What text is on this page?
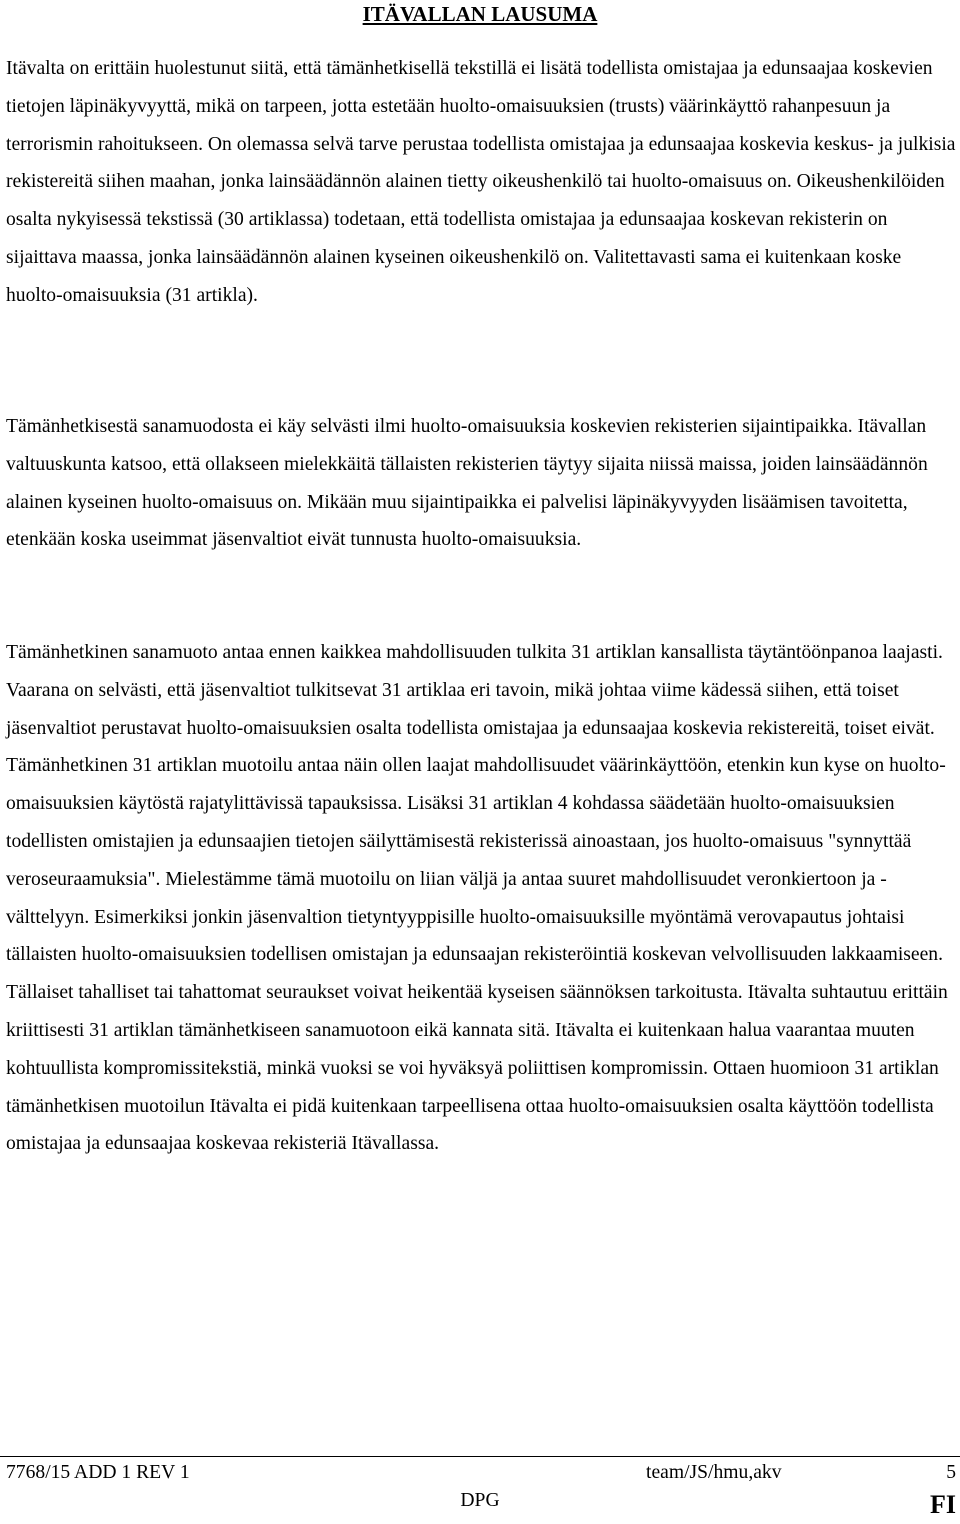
ITÄVALLAN LAUSUMA

Itävalta on erittäin huolestunut siitä, että tämänhetkisellä tekstillä ei lisätä todellista omistajaa ja edunsaajaa koskevien tietojen läpinäkyvyyttä, mikä on tarpeen, jotta estetään huolto-omaisuuksien (trusts) väärinkäyttö rahanpesuun ja terrorismin rahoitukseen. On olemassa selvä tarve perustaa todellista omistajaa ja edunsaajaa koskevia keskus- ja julkisia rekistereitä siihen maahan, jonka lainsäädännön alainen tietty oikeushenkilö tai huolto-omaisuus on. Oikeushenkilöiden osalta nykyisessä tekstissä (30 artiklassa) todetaan, että todellista omistajaa ja edunsaajaa koskevan rekisterin on sijaittava maassa, jonka lainsäädännön alainen kyseinen oikeushenkilö on. Valitettavasti sama ei kuitenkaan koske huolto-omaisuuksia (31 artikla).

Tämänhetkisestä sanamuodosta ei käy selvästi ilmi huolto-omaisuuksia koskevien rekisterien sijaintipaikka. Itävallan valtuuskunta katsoo, että ollakseen mielekkäitä tällaisten rekisterien täytyy sijaita niissä maissa, joiden lainsäädännön alainen kyseinen huolto-omaisuus on. Mikään muu sijaintipaikka ei palvelisi läpinäkyvyyden lisäämisen tavoitetta, etenkään koska useimmat jäsenvaltiot eivät tunnusta huolto-omaisuuksia.

Tämänhetkinen sanamuoto antaa ennen kaikkea mahdollisuuden tulkita 31 artiklan kansallista täytäntöönpanoa laajasti. Vaarana on selvästi, että jäsenvaltiot tulkitsevat 31 artiklaa eri tavoin, mikä johtaa viime kädessä siihen, että toiset jäsenvaltiot perustavat huolto-omaisuuksien osalta todellista omistajaa ja edunsaajaa koskevia rekistereitä, toiset eivät. Tämänhetkinen 31 artiklan muotoilu antaa näin ollen laajat mahdollisuudet väärinkäyttöön, etenkin kun kyse on huolto-omaisuuksien käytöstä rajatylittävissä tapauksissa. Lisäksi 31 artiklan 4 kohdassa säädetään huolto-omaisuuksien todellisten omistajien ja edunsaajien tietojen säilyttämisestä rekisterissä ainoastaan, jos huolto-omaisuus "synnyttää veroseuraamuksia". Mielestämme tämä muotoilu on liian väljä ja antaa suuret mahdollisuudet veronkiertoon ja -välttelyyn. Esimerkiksi jonkin jäsenvaltion tietyntyyppisille huolto-omaisuuksille myöntämä verovapautus johtaisi tällaisten huolto-omaisuuksien todellisen omistajan ja edunsaajan rekisteröintiä koskevan velvollisuuden lakkaamiseen. Tällaiset tahalliset tai tahattomat seuraukset voivat heikentää kyseisen säännöksen tarkoitusta. Itävalta suhtautuu erittäin kriittisesti 31 artiklan tämänhetkiseen sanamuotoon eikä kannata sitä. Itävalta ei kuitenkaan halua vaarantaa muuten kohtuullista kompromissitekstiä, minkä vuoksi se voi hyväksyä poliittisen kompromissin. Ottaen huomioon 31 artiklan tämänhetkisen muotoilun Itävalta ei pidä kuitenkaan tarpeellisena ottaa huolto-omaisuuksien osalta käyttöön todellista omistajaa ja edunsaajaa koskevaa rekisteriä Itävallassa.

7768/15 ADD 1 REV 1	team/JS/hmu,akv	5
DPG	FI
